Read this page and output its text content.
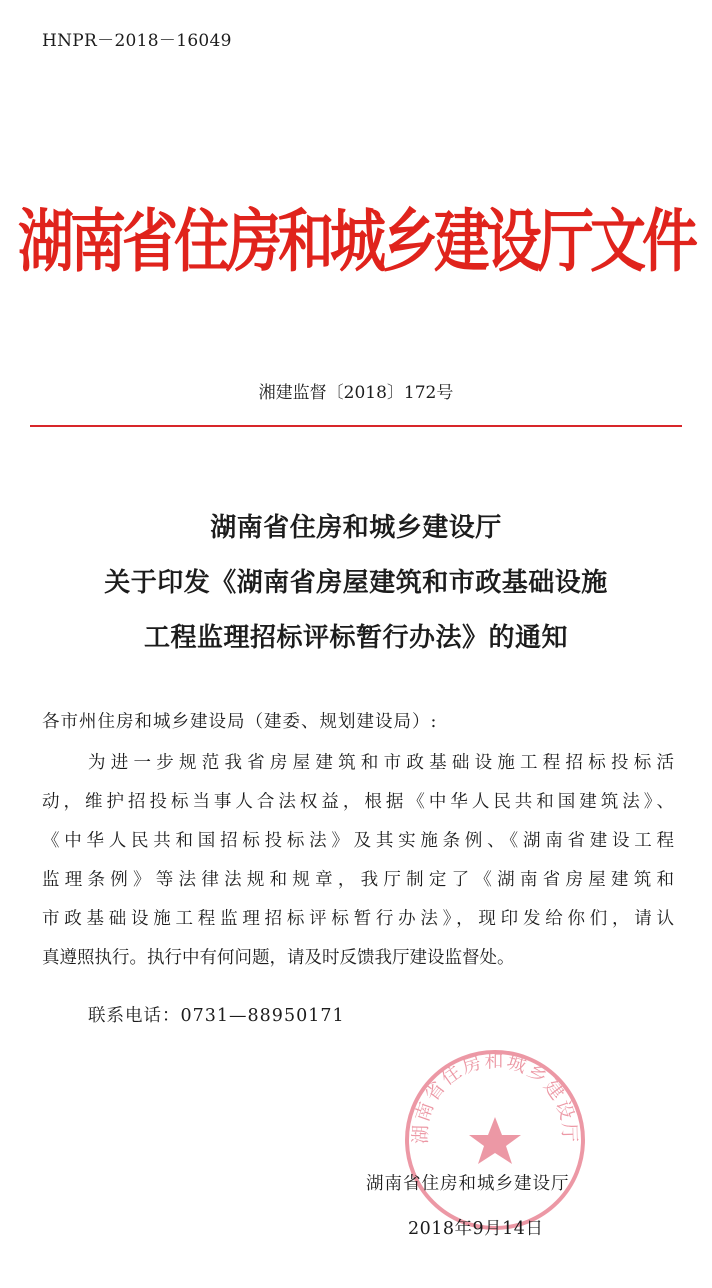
HNPR－2018－16049
湖南省住房和城乡建设厅文件
湘建监督〔2018〕172号
湖南省住房和城乡建设厅
关于印发《湖南省房屋建筑和市政基础设施
工程监理招标评标暂行办法》的通知
各市州住房和城乡建设局（建委、规划建设局）:
为进一步规范我省房屋建筑和市政基础设施工程招标投标活
动，维护招投标当事人合法权益，根据《中华人民共和国建筑法》、
《中华人民共和国招标投标法》及其实施条例、《湖南省建设工程
监理条例》等法律法规和规章，我厅制定了《湖南省房屋建筑和
市政基础设施工程监理招标评标暂行办法》，现印发给你们，请认
真遵照执行。执行中有何问题，请及时反馈我厅建设监督处。
联系电话：0731—88950171
湖南省住房和城乡建设厅
湖南省住房和城乡建设厅
2018年9月14日
